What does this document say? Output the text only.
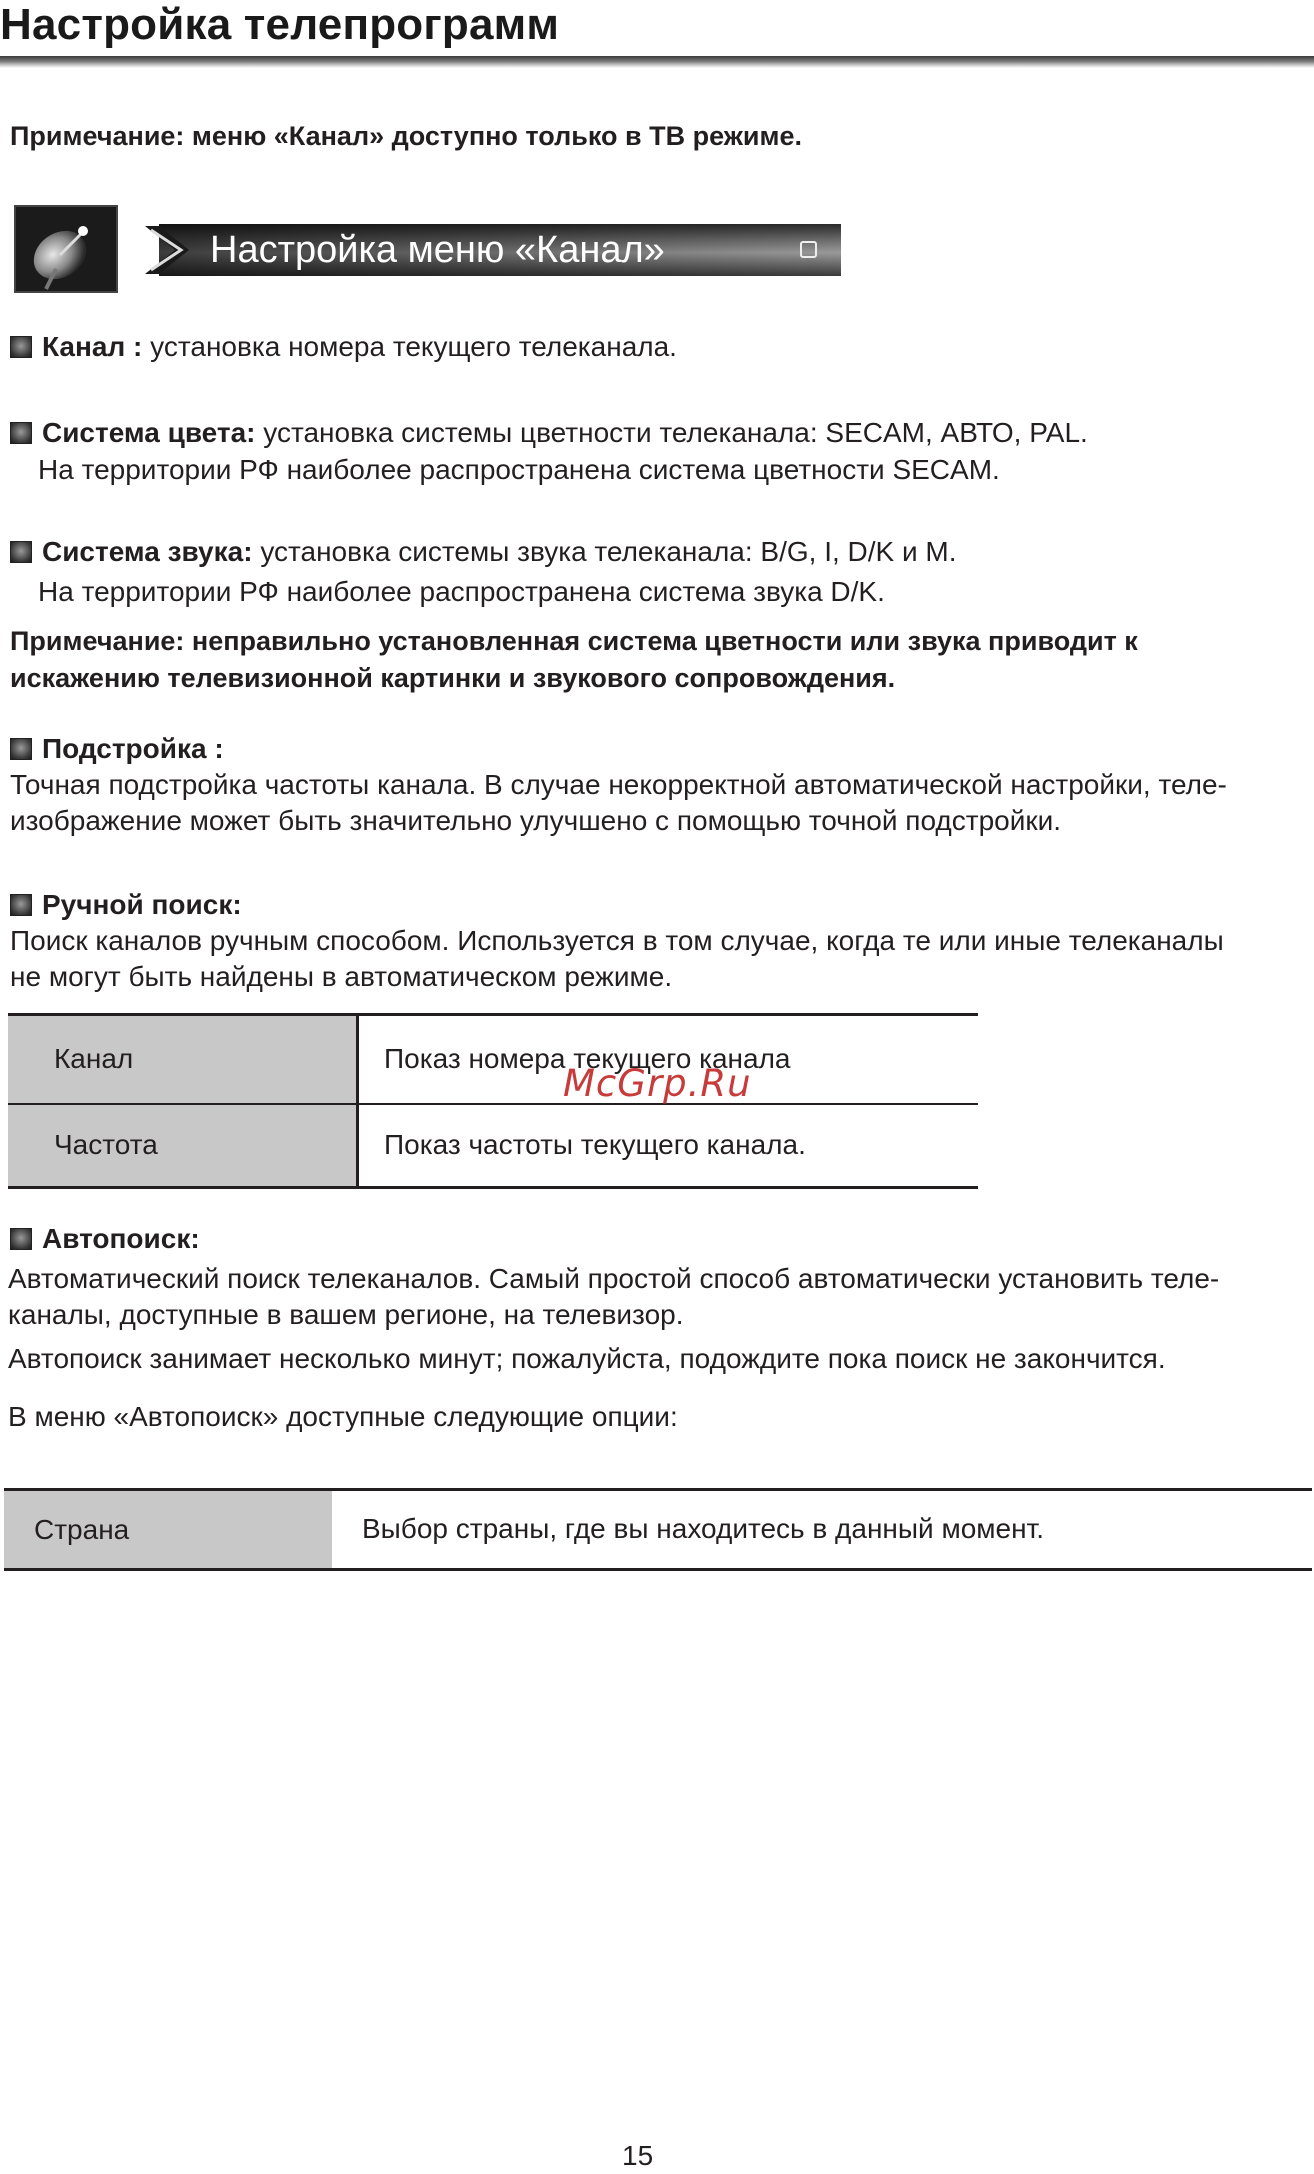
Настройка телепрограмм
Примечание: меню «Канал» доступно только в ТВ режиме.
Настройка меню «Канал»
Канал : установка номера текущего телеканала.
Система цвета: установка системы цветности телеканала: SECAM, АВТО, PAL.
На территории РФ наиболее распространена система цветности SECAM.
Система звука: установка системы звука телеканала: B/G, I, D/K и М.
На территории РФ наиболее распространена система звука D/K.
Примечание: неправильно установленная система цветности или звука приводит к
искажению телевизионной картинки и звукового сопровождения.
Подстройка :
Точная подстройка частоты канала. В случае некорректной автоматической настройки, теле-
изображение может быть значительно улучшено с помощью точной подстройки.
Ручной поиск:
Поиск каналов ручным способом. Используется в том случае, когда те или иные телеканалы
не могут быть найдены в автоматическом режиме.
Канал	Показ номера текущего канала
Частота	Показ частоты текущего канала.
McGrp.Ru
Автопоиск:
Автоматический поиск телеканалов. Самый простой способ автоматически установить теле-
каналы, доступные в вашем регионе, на телевизор.
Автопоиск занимает несколько минут; пожалуйста, подождите пока поиск не закончится.
В меню «Автопоиск» доступные следующие опции:
Страна	Выбор страны, где вы находитесь в данный момент.
15
